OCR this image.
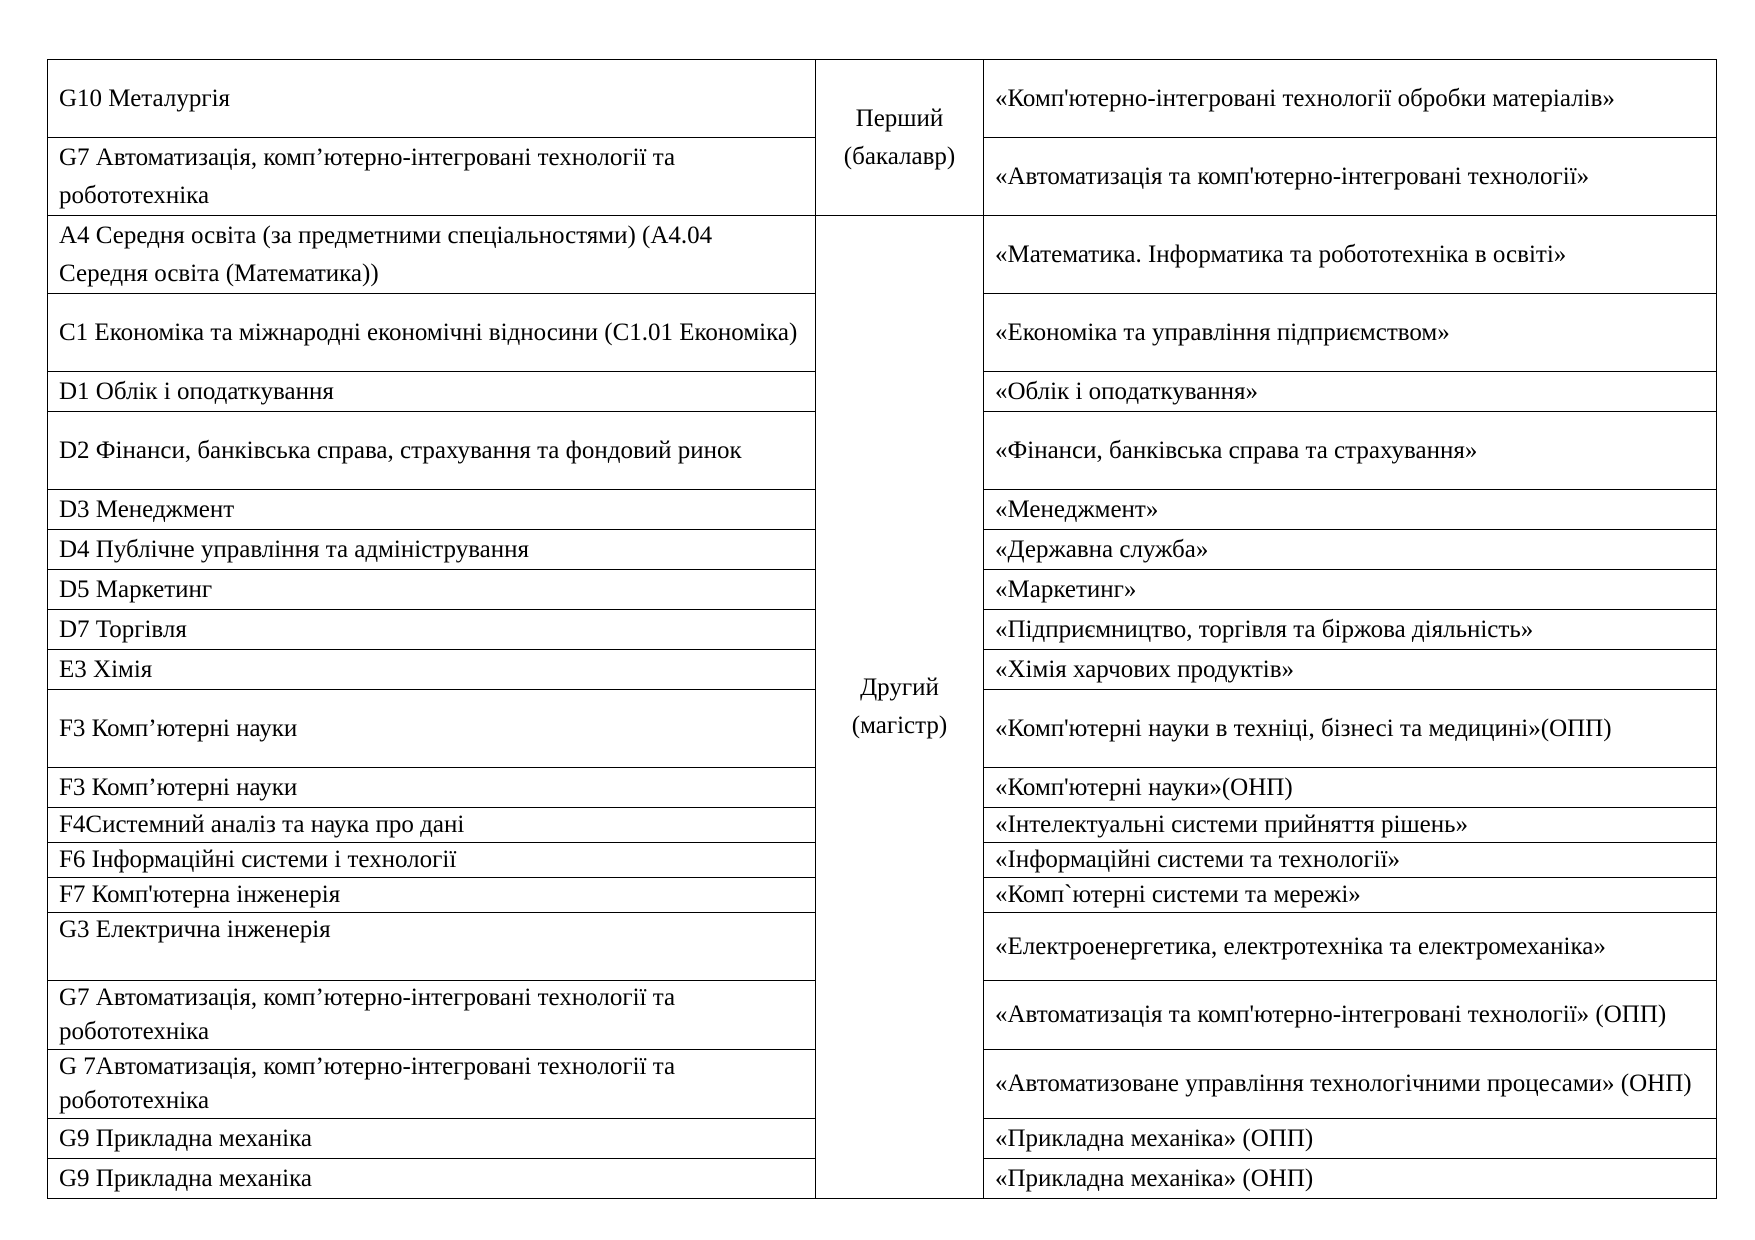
G10 Металургія	Перший (бакалавр)	«Комп'ютерно-інтегровані технології обробки матеріалів»
G7 Автоматизація, комп’ютерно-інтегровані технології та робототехніка		«Автоматизація та комп'ютерно-інтегровані технології»
A4 Середня освіта (за предметними спеціальностями) (A4.04 Середня освіта (Математика))	Другий (магістр)	«Математика. Інформатика та робототехніка в освіті»
C1 Економіка та міжнародні економічні відносини (C1.01 Економіка)		«Економіка та управління підприємством»
D1 Облік і оподаткування		«Облік і оподаткування»
D2 Фінанси, банківська справа, страхування та фондовий ринок		«Фінанси, банківська справа та страхування»
D3 Менеджмент		«Менеджмент»
D4 Публічне управління та адміністрування		«Державна служба»
D5 Маркетинг		«Маркетинг»
D7 Торгівля		«Підприємництво, торгівля та біржова діяльність»
E3 Хімія		«Хімія харчових продуктів»
F3 Комп’ютерні науки		«Комп'ютерні науки в техніці, бізнесі та медицині»(ОПП)
F3 Комп’ютерні науки		«Комп'ютерні науки»(ОНП)
F4Системний аналіз та наука про дані		«Інтелектуальні системи прийняття рішень»
F6 Інформаційні системи і технології		«Інформаційні системи та технології»
F7 Комп'ютерна інженерія		«Комп`ютерні системи та мережі»
G3 Електрична інженерія		«Електроенергетика, електротехніка та електромеханіка»
G7 Автоматизація, комп’ютерно-інтегровані технології та робототехніка		«Автоматизація та комп'ютерно-інтегровані технології» (ОПП)
G 7Автоматизація, комп’ютерно-інтегровані технології та робототехніка		«Автоматизоване управління технологічними процесами» (ОНП)
G9 Прикладна механіка		«Прикладна механіка» (ОПП)
G9 Прикладна механіка		«Прикладна механіка» (ОНП)
